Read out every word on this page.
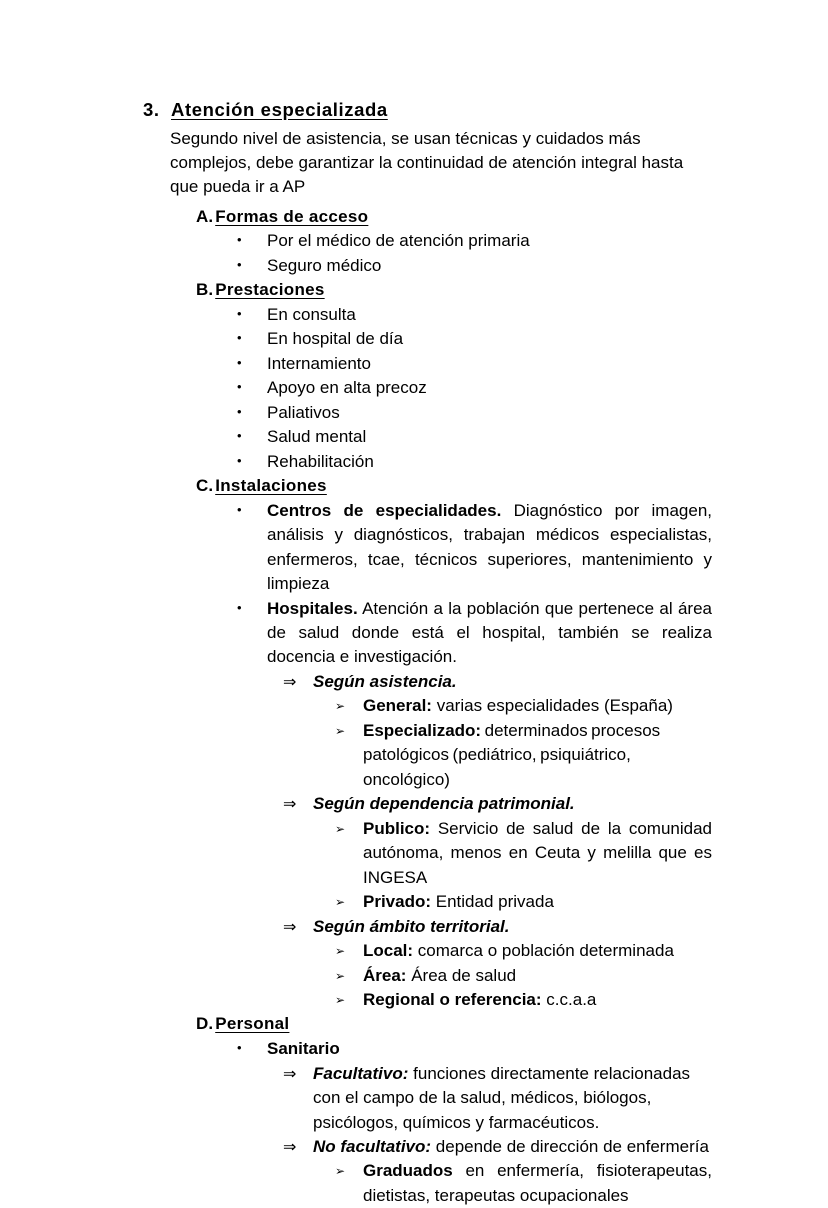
3. Atención especializada

Segundo nivel de asistencia, se usan técnicas y cuidados más complejos, debe garantizar la continuidad de atención integral hasta que pueda ir a AP

A. Formas de acceso
•	Por el médico de atención primaria
•	Seguro médico
B. Prestaciones
•	En consulta
•	En hospital de día
•	Internamiento
•	Apoyo en alta precoz
•	Paliativos
•	Salud mental
•	Rehabilitación
C. Instalaciones
•	Centros de especialidades. Diagnóstico por imagen, análisis y diagnósticos, trabajan médicos especialistas, enfermeros, tcae, técnicos superiores, mantenimiento y limpieza
•	Hospitales. Atención a la población que pertenece al área de salud donde está el hospital, también se realiza docencia e investigación.
⇒ Según asistencia.
➢	General: varias especialidades (España)
➢	Especializado: determinados procesos patológicos (pediátrico, psiquiátrico, oncológico)
⇒ Según dependencia patrimonial.
➢	Publico: Servicio de salud de la comunidad autónoma, menos en Ceuta y melilla que es INGESA
➢	Privado: Entidad privada
⇒ Según ámbito territorial.
➢	Local: comarca o población determinada
➢	Área: Área de salud
➢	Regional o referencia: c.c.a.a
D. Personal
•	Sanitario
⇒ Facultativo: funciones directamente relacionadas con el campo de la salud, médicos, biólogos, psicólogos, químicos y farmacéuticos.
⇒ No facultativo: depende de dirección de enfermería
➢	Graduados en enfermería, fisioterapeutas, dietistas, terapeutas ocupacionales
